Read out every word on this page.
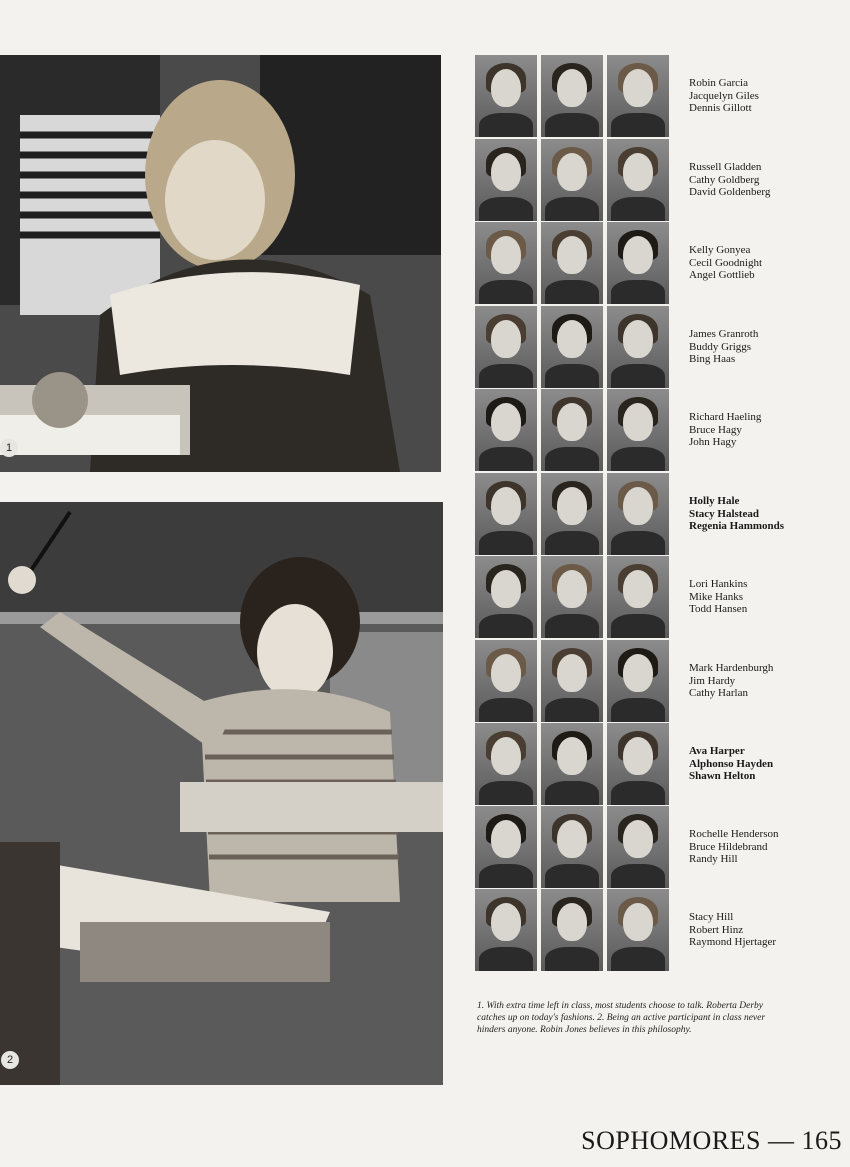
1
2
Robin Garcia
Jacquelyn Giles
Dennis Gillott
Russell Gladden
Cathy Goldberg
David Goldenberg
Kelly Gonyea
Cecil Goodnight
Angel Gottlieb
James Granroth
Buddy Griggs
Bing Haas
Richard Haeling
Bruce Hagy
John Hagy
Holly Hale
Stacy Halstead
Regenia Hammonds
Lori Hankins
Mike Hanks
Todd Hansen
Mark Hardenburgh
Jim Hardy
Cathy Harlan
Ava Harper
Alphonso Hayden
Shawn Helton
Rochelle Henderson
Bruce Hildebrand
Randy Hill
Stacy Hill
Robert Hinz
Raymond Hjertager
1. With extra time left in class, most students choose to talk. Roberta Derby catches up on today's fashions. 2. Being an active participant in class never hinders anyone. Robin Jones believes in this philosophy.
SOPHOMORES — 165
